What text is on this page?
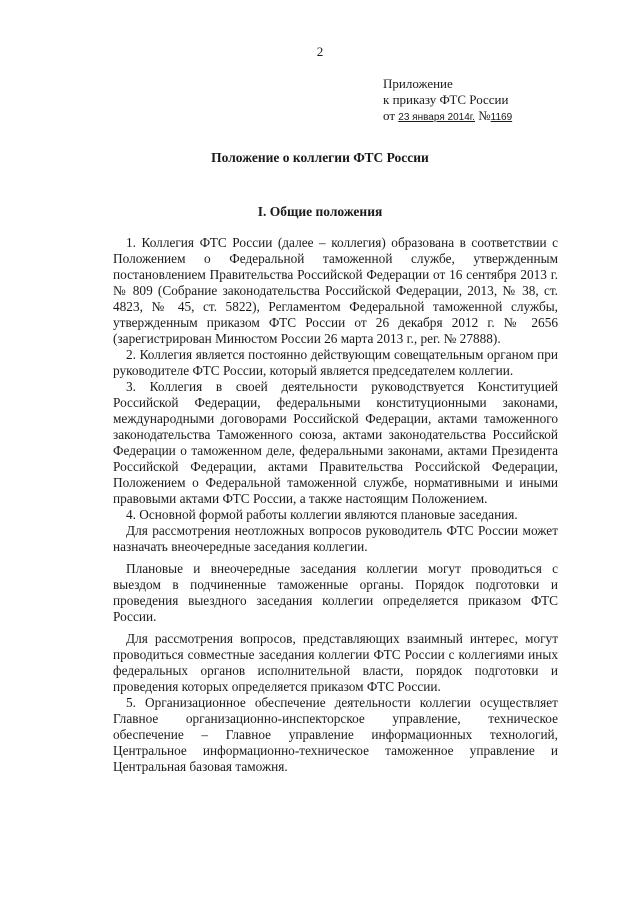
2
Приложение
к приказу ФТС России
от 23 января 2014г. №1169
Положение о коллегии ФТС России
I. Общие положения

1. Коллегия ФТС России (далее – коллегия) образована в соответствии с Положением о Федеральной таможенной службе, утвержденным постановлением Правительства Российской Федерации от 16 сентября 2013 г. № 809 (Собрание законодательства Российской Федерации, 2013, № 38, ст. 4823, № 45, ст. 5822), Регламентом Федеральной таможенной службы, утвержденным приказом ФТС России от 26 декабря 2012 г. № 2656 (зарегистрирован Минюстом России 26 марта 2013 г., рег. № 27888).

2. Коллегия является постоянно действующим совещательным органом при руководителе ФТС России, который является председателем коллегии.

3. Коллегия в своей деятельности руководствуется Конституцией Российской Федерации, федеральными конституционными законами, международными договорами Российской Федерации, актами таможенного законодательства Таможенного союза, актами законодательства Российской Федерации о таможенном деле, федеральными законами, актами Президента Российской Федерации, актами Правительства Российской Федерации, Положением о Федеральной таможенной службе, нормативными и иными правовыми актами ФТС России, а также настоящим Положением.

4. Основной формой работы коллегии являются плановые заседания.

Для рассмотрения неотложных вопросов руководитель ФТС России может назначать внеочередные заседания коллегии.

Плановые и внеочередные заседания коллегии могут проводиться с выездом в подчиненные таможенные органы. Порядок подготовки и проведения выездного заседания коллегии определяется приказом ФТС России.

Для рассмотрения вопросов, представляющих взаимный интерес, могут проводиться совместные заседания коллегии ФТС России с коллегиями иных федеральных органов исполнительной власти, порядок подготовки и проведения которых определяется приказом ФТС России.

5. Организационное обеспечение деятельности коллегии осуществляет Главное организационно-инспекторское управление, техническое обеспечение – Главное управление информационных технологий, Центральное информационно-техническое таможенное управление и Центральная базовая таможня.
